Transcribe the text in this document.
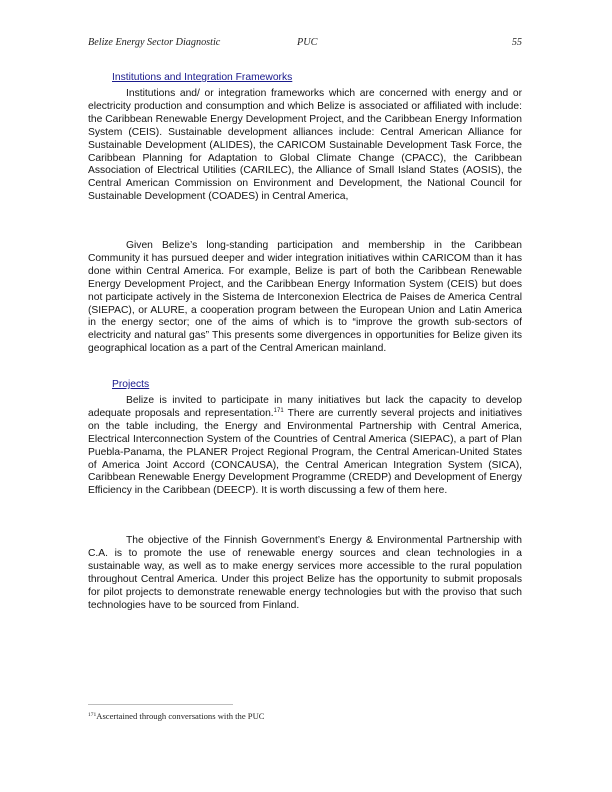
Belize Energy Sector Diagnostic	PUC	55
Institutions and Integration Frameworks

Institutions and/ or integration frameworks which are concerned with energy and or electricity production and consumption and which Belize is associated or affiliated with include: the Caribbean Renewable Energy Development Project, and the Caribbean Energy Information System (CEIS). Sustainable development alliances include: Central American Alliance for Sustainable Development (ALIDES), the CARICOM Sustainable Development Task Force, the Caribbean Planning for Adaptation to Global Climate Change (CPACC), the Caribbean Association of Electrical Utilities (CARILEC), the Alliance of Small Island States (AOSIS), the Central American Commission on Environment and Development, the National Council for Sustainable Development (COADES) in Central America,

Given Belize’s long-standing participation and membership in the Caribbean Community it has pursued deeper and wider integration initiatives within CARICOM than it has done within Central America. For example, Belize is part of both the Caribbean Renewable Energy Development Project, and the Caribbean Energy Information System (CEIS) but does not participate actively in the Sistema de Interconexion Electrica de Paises de America Central (SIEPAC), or ALURE, a cooperation program between the European Union and Latin America in the energy sector; one of the aims of which is to “improve the growth sub-sectors of electricity and natural gas” This presents some divergences in opportunities for Belize given its geographical location as a part of the Central American mainland.

Projects

Belize is invited to participate in many initiatives but lack the capacity to develop adequate proposals and representation.$^{171}$ There are currently several projects and initiatives on the table including, the Energy and Environmental Partnership with Central America, Electrical Interconnection System of the Countries of Central America (SIEPAC), a part of Plan Puebla-Panama, the PLANER Project Regional Program, the Central American-United States of America Joint Accord (CONCAUSA), the Central American Integration System (SICA), Caribbean Renewable Energy Development Programme (CREDP) and Development of Energy Efficiency in the Caribbean (DEECP). It is worth discussing a few of them here.

The objective of the Finnish Government’s Energy & Environmental Partnership with C.A. is to promote the use of renewable energy sources and clean technologies in a sustainable way, as well as to make energy services more accessible to the rural population throughout Central America. Under this project Belize has the opportunity to submit proposals for pilot projects to demonstrate renewable energy technologies but with the proviso that such technologies have to be sourced from Finland.

$^{171}$Ascertained through conversations with the PUC
